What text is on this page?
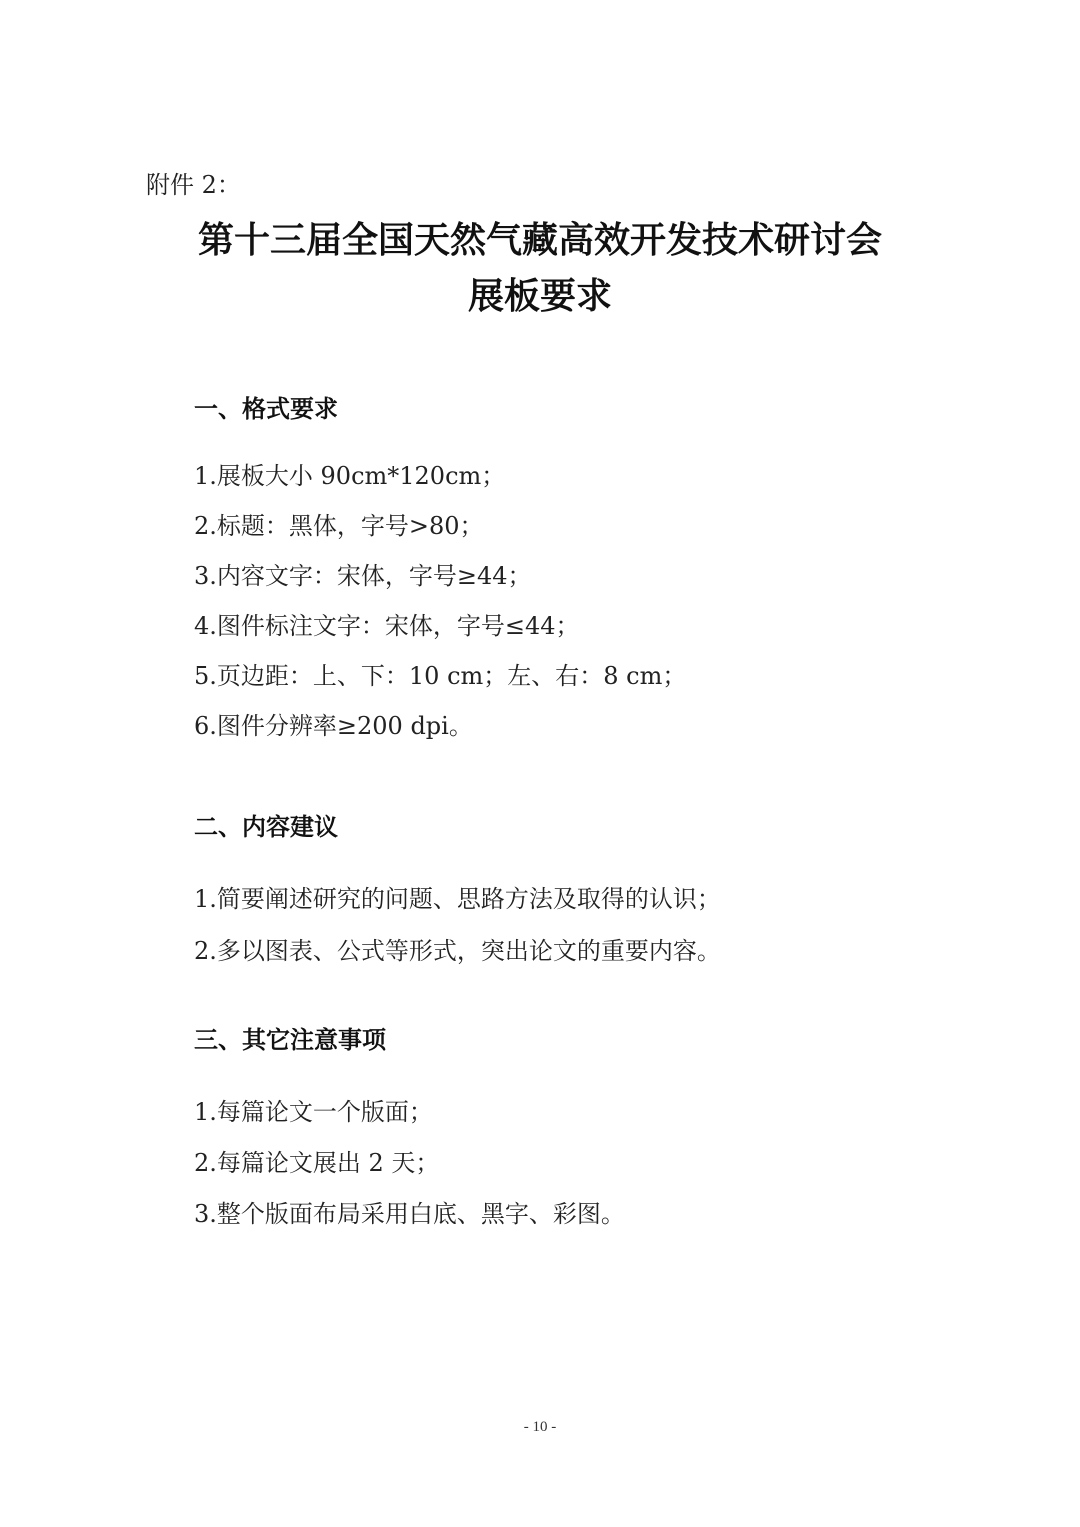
附件 2：
第十三届全国天然气藏高效开发技术研讨会
展板要求
一、格式要求
1.展板大小 90cm*120cm；
2.标题：黑体，字号>80；
3.内容文字：宋体，字号≥44；
4.图件标注文字：宋体，字号≤44；
5.页边距：上、下：10 cm；左、右：8 cm；
6.图件分辨率≥200 dpi。
二、内容建议
1.简要阐述研究的问题、思路方法及取得的认识；
2.多以图表、公式等形式，突出论文的重要内容。
三、其它注意事项
1.每篇论文一个版面；
2.每篇论文展出 2 天；
3.整个版面布局采用白底、黑字、彩图。
- 10 -
